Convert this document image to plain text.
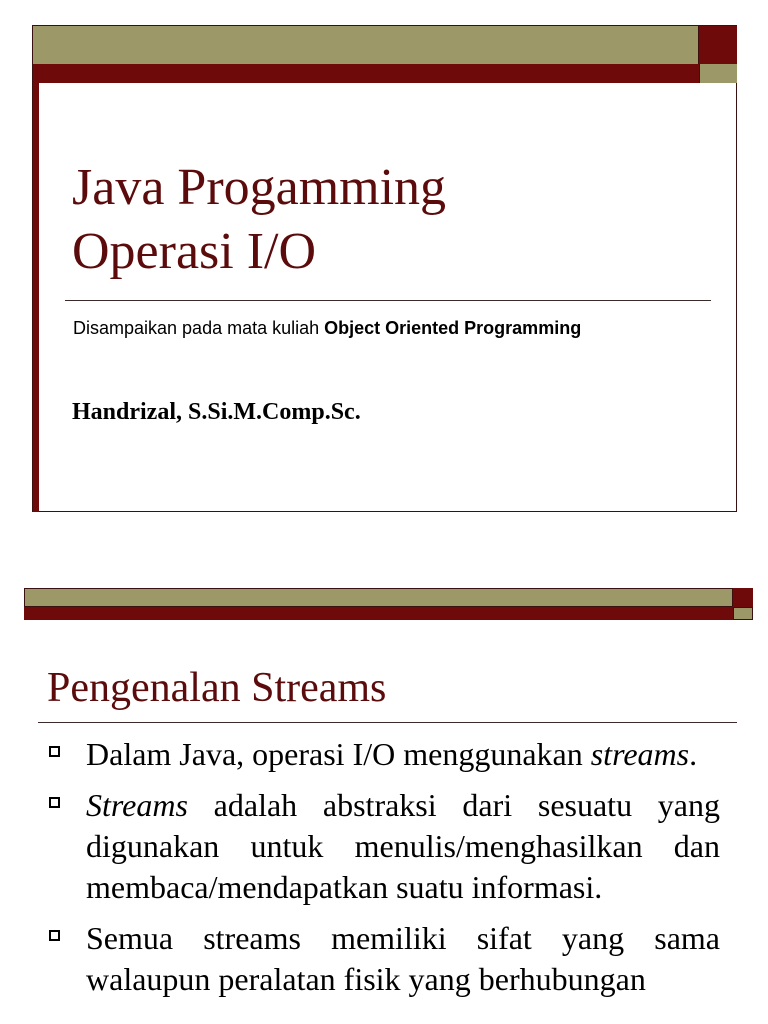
Java Progamming
Operasi I/O
Disampaikan pada mata kuliah Object Oriented Programming
Handrizal, S.Si.M.Comp.Sc.
Pengenalan Streams
Dalam Java, operasi I/O menggunakan streams.
Streams adalah abstraksi dari sesuatu yang digunakan untuk menulis/menghasilkan dan membaca/mendapatkan suatu informasi.
Semua streams memiliki sifat yang sama walaupun peralatan fisik yang berhubungan
